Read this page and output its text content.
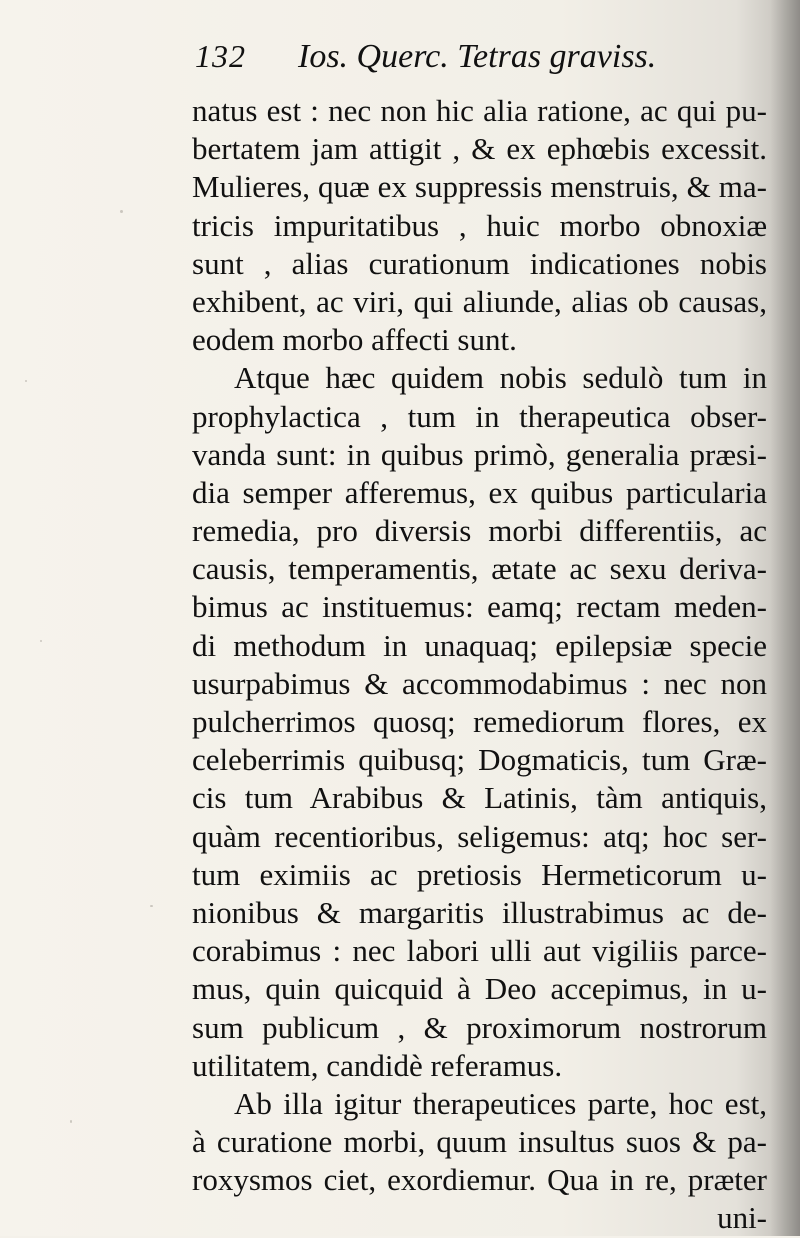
132 Ios. Querc. Tetras graviss.
natus est : nec non hic alia ratione, ac qui pu-
bertatem jam attigit , & ex ephœbis excessit.
Mulieres, quæ ex suppressis menstruis, & ma-
tricis impuritatibus , huic morbo obnoxiæ
sunt , alias curationum indicationes nobis
exhibent, ac viri, qui aliunde, alias ob causas,
eodem morbo affecti sunt.
Atque hæc quidem nobis sedulò tum in
prophylactica , tum in therapeutica obser-
vanda sunt: in quibus primò, generalia præsi-
dia semper afferemus, ex quibus particularia
remedia, pro diversis morbi differentiis, ac
causis, temperamentis, ætate ac sexu deriva-
bimus ac instituemus: eamq; rectam meden-
di methodum in unaquaq; epilepsiæ specie
usurpabimus & accommodabimus : nec non
pulcherrimos quosq; remediorum flores, ex
celeberrimis quibusq; Dogmaticis, tum Græ-
cis tum Arabibus & Latinis, tàm antiquis,
quàm recentioribus, seligemus: atq; hoc ser-
tum eximiis ac pretiosis Hermeticorum u-
nionibus & margaritis illustrabimus ac de-
corabimus : nec labori ulli aut vigiliis parce-
mus, quin quicquid à Deo accepimus, in u-
sum publicum , & proximorum nostrorum
utilitatem, candidè referamus.
Ab illa igitur therapeutices parte, hoc est,
à curatione morbi, quum insultus suos & pa-
roxysmos ciet, exordiemur. Qua in re, præter
uni-
